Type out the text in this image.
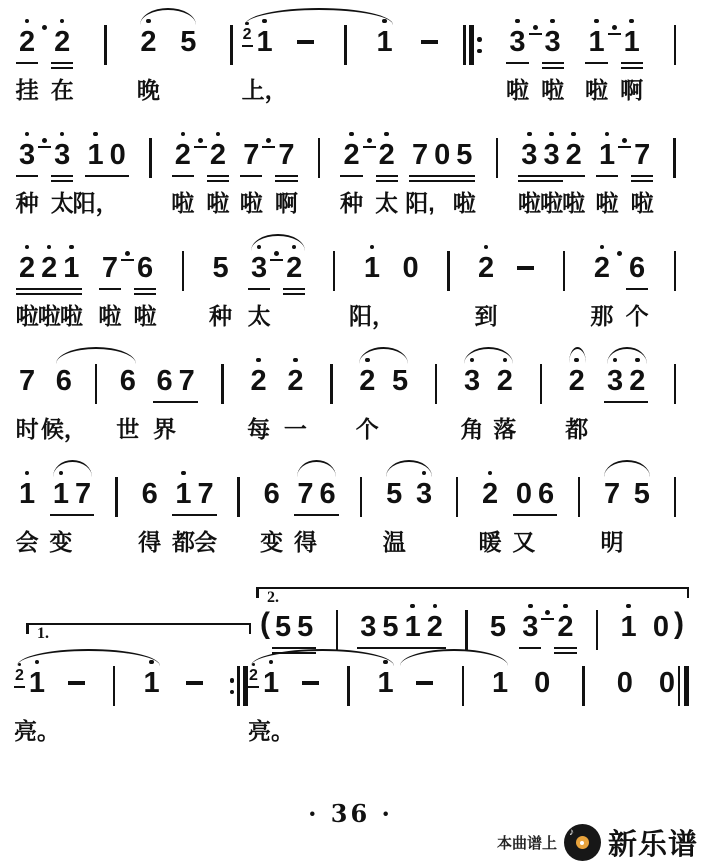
2
挂
2
在
2
晚
5	2 1
上，
1	3
啦
3
啦
1
啦
1
啊
3
种
3
太
1
阳，
0 2
啦
2
啦
7
啦
7
啊
2
种
2
太
7
阳,
0 5
啦
3
啦
3
啦
2
啦
1
啦
7
啦
2
啦
2
啦
1
啦
7
啦
6
啦
5
种
3
太
2 1
阳，
0 2
到
2
那
6
个
7
时
6
候，
6
世
6
界
7 2
每
2
一
2
个
5 3
角
2
落
2
都
3 2
1
会
1
变
7 6
得
1
都
7
会
6
变
7
得
6 5
温
3 2
暖
0
又
6 7
明
5
1.
2.
( 5 5 3 5 1 2 5 3 2 1 0 )
2 1
亮。
1	2 1
亮。
1	1 0 0 0
· 36 ·
本曲谱上
♪ 新乐谱
